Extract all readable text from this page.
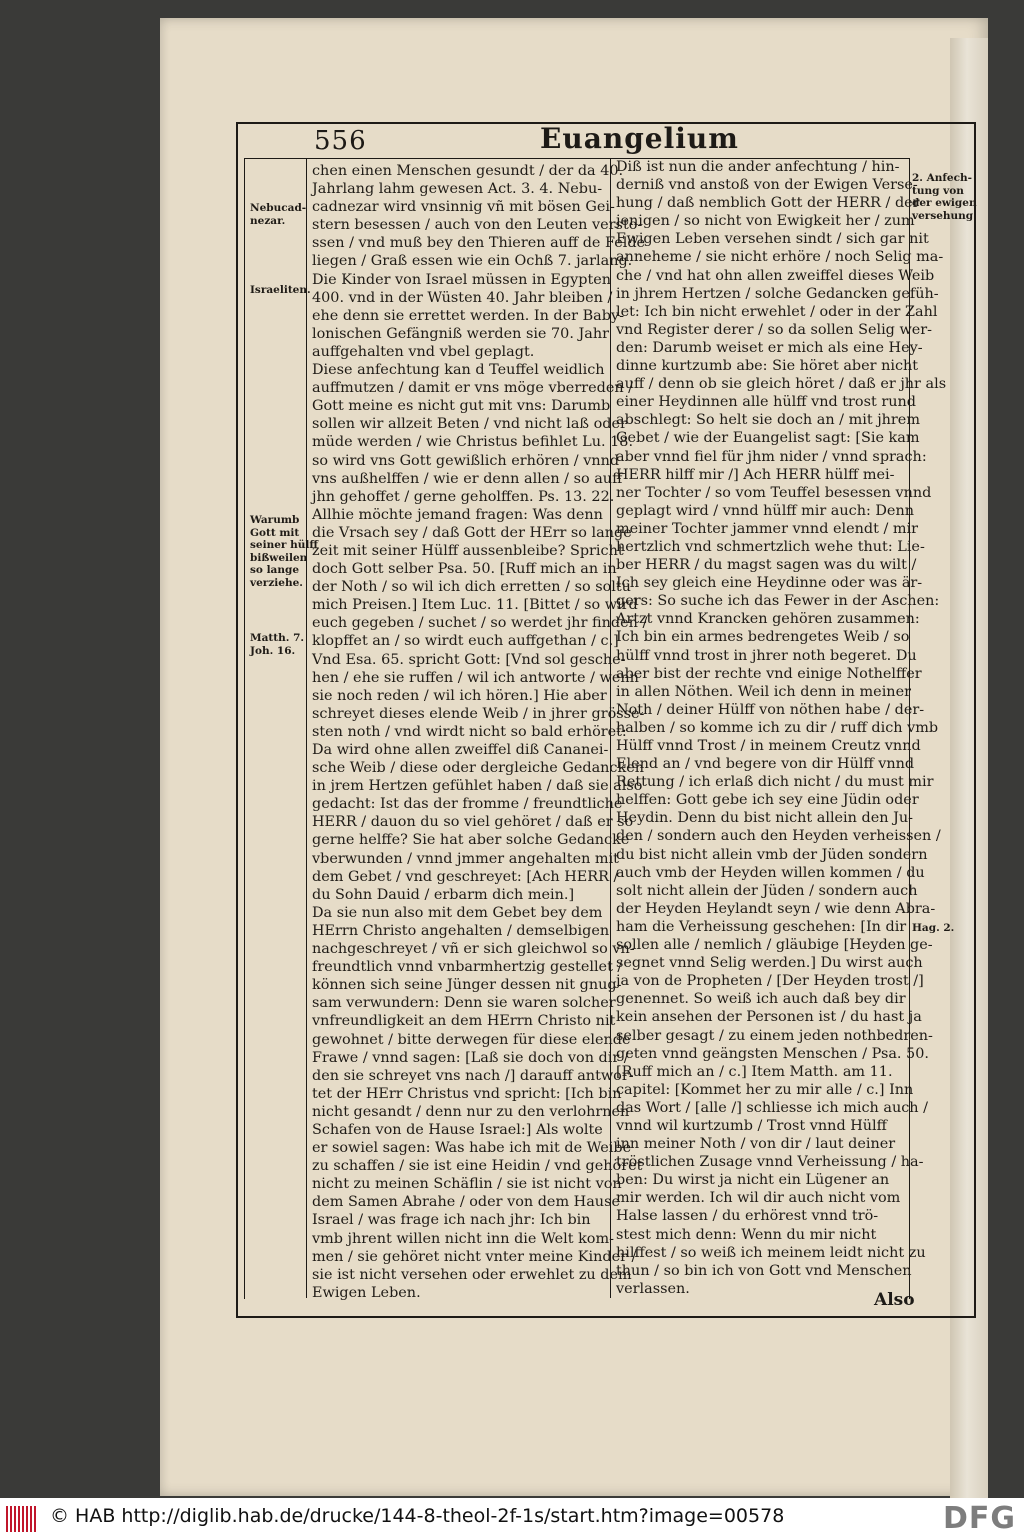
556	Euangelium
Nebucad-
nezar.
Israeliten.
Warumb
Gott mit
seiner hülff
bißweilen
so lange
verziehe.
Matth. 7.
Joh. 16.
2. Anfech-
tung von
der ewigen
versehung.
Hag. 2.
chen einen Menschen gesundt / der da 40.
Jahrlang lahm gewesen Act. 3. 4. Nebu-
cadnezar wird vnsinnig vñ mit bösen Gei-
stern besessen / auch von den Leuten versto-
ssen / vnd muß bey den Thieren auff de Felde
liegen / Graß essen wie ein Ochß 7. jarlang.
Die Kinder von Israel müssen in Egypten
400. vnd in der Wüsten 40. Jahr bleiben /
ehe denn sie errettet werden. In der Baby-
lonischen Gefängniß werden sie 70. Jahr
auffgehalten vnd vbel geplagt.
Diese anfechtung kan d Teuffel weidlich
auffmutzen / damit er vns möge vberreden /
Gott meine es nicht gut mit vns: Darumb
sollen wir allzeit Beten / vnd nicht laß oder
müde werden / wie Christus befihlet Lu. 18.
so wird vns Gott gewißlich erhören / vnnd
vns außhelffen / wie er denn allen / so auff
jhn gehoffet / gerne geholffen. Ps. 13. 22.
Allhie möchte jemand fragen: Was denn
die Vrsach sey / daß Gott der HErr so lange
zeit mit seiner Hülff aussenbleibe? Spricht
doch Gott selber Psa. 50. [Ruff mich an in
der Noth / so wil ich dich erretten / so soltu
mich Preisen.] Item Luc. 11. [Bittet / so wird
euch gegeben / suchet / so werdet jhr finden /
klopffet an / so wirdt euch auffgethan / c.]
Vnd Esa. 65. spricht Gott: [Vnd sol gesche-
hen / ehe sie ruffen / wil ich antworte / wenn
sie noch reden / wil ich hören.] Hie aber
schreyet dieses elende Weib / in jhrer grösse-
sten noth / vnd wirdt nicht so bald erhöret:
Da wird ohne allen zweiffel diß Cananei-
sche Weib / diese oder dergleiche Gedancken
in jrem Hertzen gefühlet haben / daß sie also
gedacht: Ist das der fromme / freundtliche
HERR / dauon du so viel gehöret / daß er so
gerne helffe? Sie hat aber solche Gedancke
vberwunden / vnnd jmmer angehalten mit
dem Gebet / vnd geschreyet: [Ach HERR /
du Sohn Dauid / erbarm dich mein.]
Da sie nun also mit dem Gebet bey dem
HErrn Christo angehalten / demselbigen
nachgeschreyet / vñ er sich gleichwol so vn-
freundtlich vnnd vnbarmhertzig gestellet /
können sich seine Jünger dessen nit gnug-
sam verwundern: Denn sie waren solcher
vnfreundligkeit an dem HErrn Christo nit
gewohnet / bitte derwegen für diese elende
Frawe / vnnd sagen: [Laß sie doch von dir /
den sie schreyet vns nach /] darauff antwor-
tet der HErr Christus vnd spricht: [Ich bin
nicht gesandt / denn nur zu den verlohrnen
Schafen von de Hause Israel:] Als wolte
er sowiel sagen: Was habe ich mit de Weibe
zu schaffen / sie ist eine Heidin / vnd gehöret
nicht zu meinen Schäflin / sie ist nicht von
dem Samen Abrahe / oder von dem Hause
Israel / was frage ich nach jhr: Ich bin
vmb jhrent willen nicht inn die Welt kom-
men / sie gehöret nicht vnter meine Kinder /
sie ist nicht versehen oder erwehlet zu dem
Ewigen Leben.
Diß ist nun die ander anfechtung / hin-
derniß vnd anstoß von der Ewigen Verse-
hung / daß nemblich Gott der HERR / der
jenigen / so nicht von Ewigkeit her / zum
Ewigen Leben versehen sindt / sich gar nit
anneheme / sie nicht erhöre / noch Selig ma-
che / vnd hat ohn allen zweiffel dieses Weib
in jhrem Hertzen / solche Gedancken gefüh-
let: Ich bin nicht erwehlet / oder in der Zahl
vnd Register derer / so da sollen Selig wer-
den: Darumb weiset er mich als eine Hey-
dinne kurtzumb abe: Sie höret aber nicht
auff / denn ob sie gleich höret / daß er jhr als
einer Heydinnen alle hülff vnd trost rund
abschlegt: So helt sie doch an / mit jhrem
Gebet / wie der Euangelist sagt: [Sie kam
aber vnnd fiel für jhm nider / vnnd sprach:
HERR hilff mir /] Ach HERR hülff mei-
ner Tochter / so vom Teuffel besessen vnnd
geplagt wird / vnnd hülff mir auch: Denn
meiner Tochter jammer vnnd elendt / mir
hertzlich vnd schmertzlich wehe thut: Lie-
ber HERR / du magst sagen was du wilt /
Ich sey gleich eine Heydinne oder was är-
gers: So suche ich das Fewer in der Aschen:
Artzt vnnd Krancken gehören zusammen:
Ich bin ein armes bedrengetes Weib / so
hülff vnnd trost in jhrer noth begeret. Du
aber bist der rechte vnd einige Nothelffer
in allen Nöthen. Weil ich denn in meiner
Noth / deiner Hülff von nöthen habe / der-
halben / so komme ich zu dir / ruff dich vmb
Hülff vnnd Trost / in meinem Creutz vnnd
Elend an / vnd begere von dir Hülff vnnd
Rettung / ich erlaß dich nicht / du must mir
helffen: Gott gebe ich sey eine Jüdin oder
Heydin. Denn du bist nicht allein den Ju-
den / sondern auch den Heyden verheissen /
du bist nicht allein vmb der Jüden sondern
auch vmb der Heyden willen kommen / du
solt nicht allein der Jüden / sondern auch
der Heyden Heylandt seyn / wie denn Abra-
ham die Verheissung geschehen: [In dir
sollen alle / nemlich / gläubige [Heyden ge-
segnet vnnd Selig werden.] Du wirst auch
ja von de Propheten / [Der Heyden trost /]
genennet. So weiß ich auch daß bey dir
kein ansehen der Personen ist / du hast ja
selber gesagt / zu einem jeden nothbedren-
geten vnnd geängsten Menschen / Psa. 50.
[Ruff mich an / c.] Item Matth. am 11.
capitel: [Kommet her zu mir alle / c.] Inn
das Wort / [alle /] schliesse ich mich auch /
vnnd wil kurtzumb / Trost vnnd Hülff
inn meiner Noth / von dir / laut deiner
tröstlichen Zusage vnnd Verheissung / ha-
ben: Du wirst ja nicht ein Lügener an
mir werden. Ich wil dir auch nicht vom
Halse lassen / du erhörest vnnd trö-
stest mich denn: Wenn du mir nicht
hilffest / so weiß ich meinem leidt nicht zu
thun / so bin ich von Gott vnd Menschen
verlassen.
Also
© HAB http://diglib.hab.de/drucke/144-8-theol-2f-1s/start.htm?image=00578	DFG
